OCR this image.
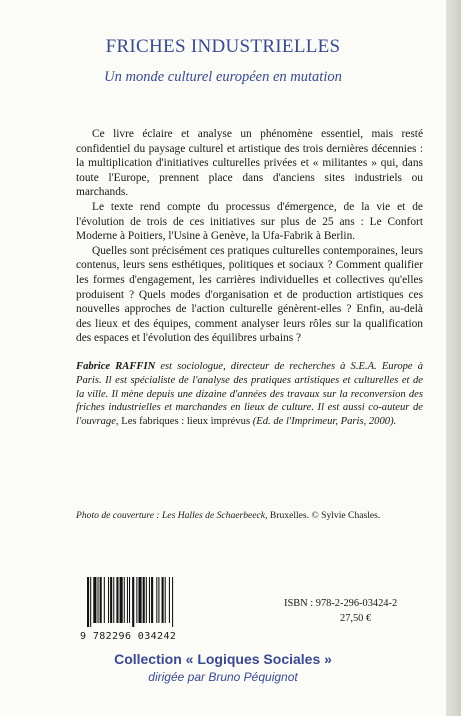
FRICHES INDUSTRIELLES
Un monde culturel européen en mutation

Ce livre éclaire et analyse un phénomène essentiel, mais resté confidentiel du paysage culturel et artistique des trois dernières décennies : la multiplication d'initiatives culturelles privées et « militantes » qui, dans toute l'Europe, prennent place dans d'anciens sites industriels ou marchands.

Le texte rend compte du processus d'émergence, de la vie et de l'évolution de trois de ces initiatives sur plus de 25 ans : Le Confort Moderne à Poitiers, l'Usine à Genève, la Ufa-Fabrik à Berlin.

Quelles sont précisément ces pratiques culturelles contemporaines, leurs contenus, leurs sens esthétiques, politiques et sociaux ? Comment qualifier les formes d'engagement, les carrières individuelles et collectives qu'elles produisent ? Quels modes d'organisation et de production artistiques ces nouvelles approches de l'action culturelle génèrent-elles ? Enfin, au-delà des lieux et des équipes, comment analyser leurs rôles sur la qualification des espaces et l'évolution des équilibres urbains ?

Fabrice RAFFIN est sociologue, directeur de recherches à S.E.A. Europe à Paris. Il est spécialiste de l'analyse des pratiques artistiques et culturelles et de la ville. Il mène depuis une dizaine d'années des travaux sur la reconversion des friches industrielles et marchandes en lieux de culture. Il est aussi co-auteur de l'ouvrage, Les fabriques : lieux imprévus (Ed. de l'Imprimeur, Paris, 2000).
Photo de couverture : Les Halles de Schaerbeeck, Bruxelles. © Sylvie Chasles.
9 782296 034242
ISBN : 978-2-296-03424-2
27,50 €
Collection « Logiques Sociales »
dirigée par Bruno Péquignot
